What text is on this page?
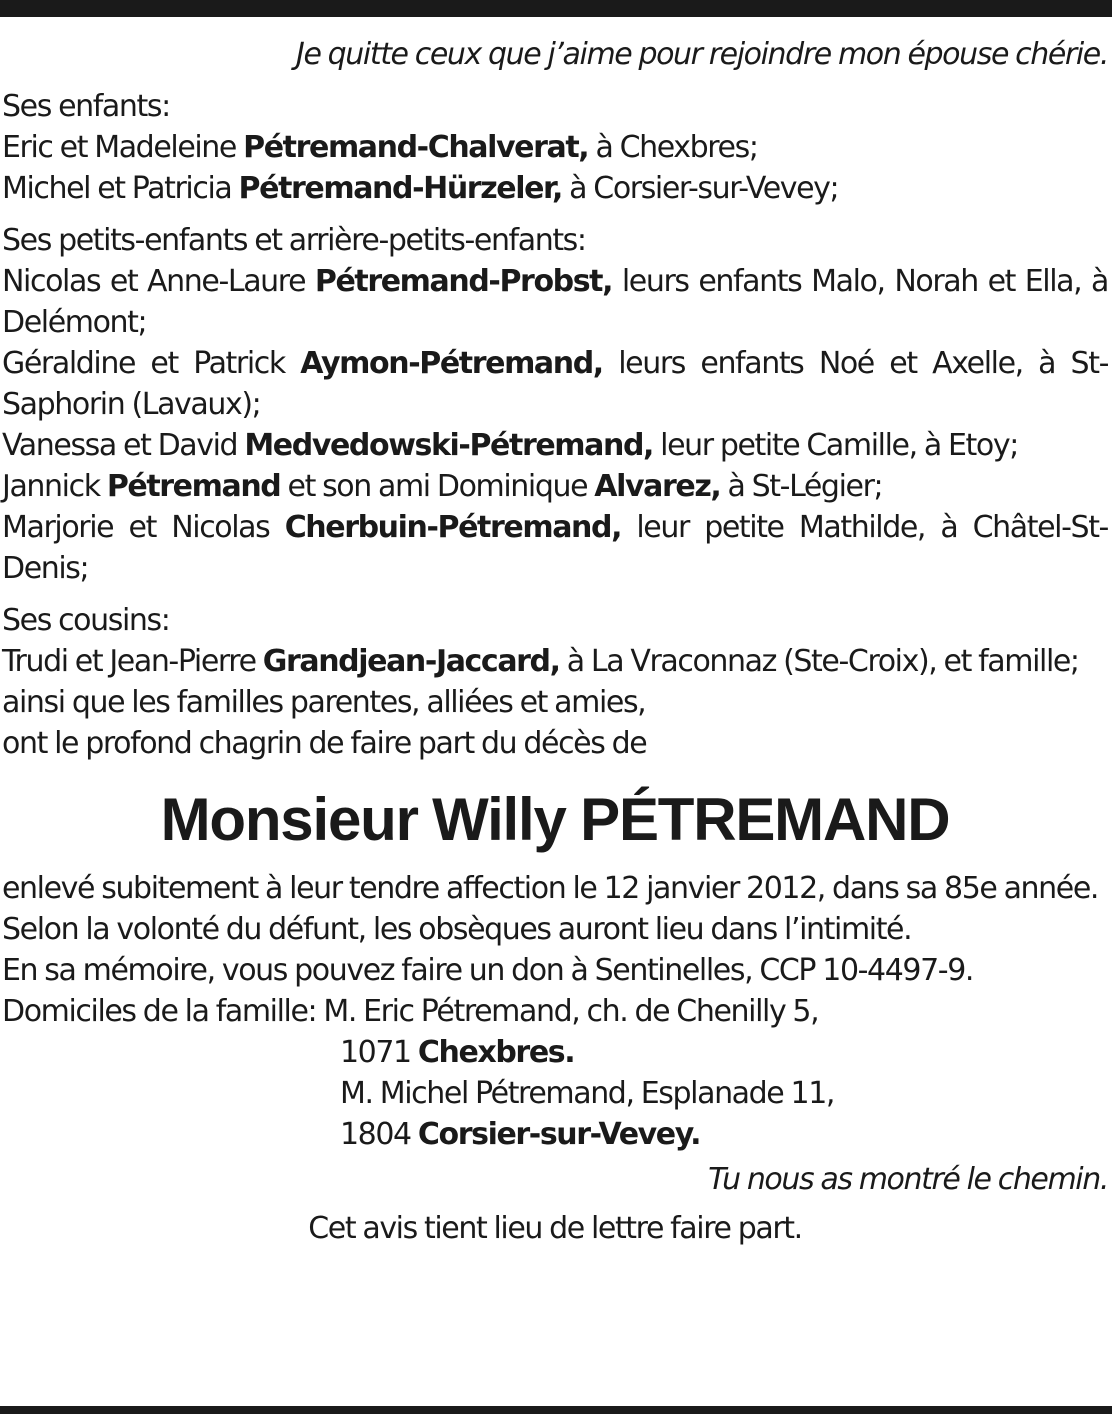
Je quitte ceux que j’aime pour rejoindre mon épouse chérie.

Ses enfants:

Eric et Madeleine Pétremand-Chalverat, à Chexbres;

Michel et Patricia Pétremand-Hürzeler, à Corsier-sur-Vevey;

Ses petits-enfants et arrière-petits-enfants:

Nicolas et Anne-Laure Pétremand-Probst, leurs enfants Malo, Norah et Ella, à Delémont;

Géraldine et Patrick Aymon-Pétremand, leurs enfants Noé et Axelle, à St-Saphorin (Lavaux);

Vanessa et David Medvedowski-Pétremand, leur petite Camille, à Etoy;

Jannick Pétremand et son ami Dominique Alvarez, à St-Légier;

Marjorie et Nicolas Cherbuin-Pétremand, leur petite Mathilde, à Châtel-St-Denis;

Ses cousins:

Trudi et Jean-Pierre Grandjean-Jaccard, à La Vraconnaz (Ste-Croix), et famille;

ainsi que les familles parentes, alliées et amies,

ont le profond chagrin de faire part du décès de

Monsieur Willy PÉTREMAND

enlevé subitement à leur tendre affection le 12 janvier 2012, dans sa 85e année.

Selon la volonté du défunt, les obsèques auront lieu dans l’intimité.

En sa mémoire, vous pouvez faire un don à Sentinelles, CCP 10-4497-9.

Domiciles de la famille: M. Eric Pétremand, ch. de Chenilly 5,

1071 Chexbres.

M. Michel Pétremand, Esplanade 11,

1804 Corsier-sur-Vevey.

Tu nous as montré le chemin.

Cet avis tient lieu de lettre faire part.
